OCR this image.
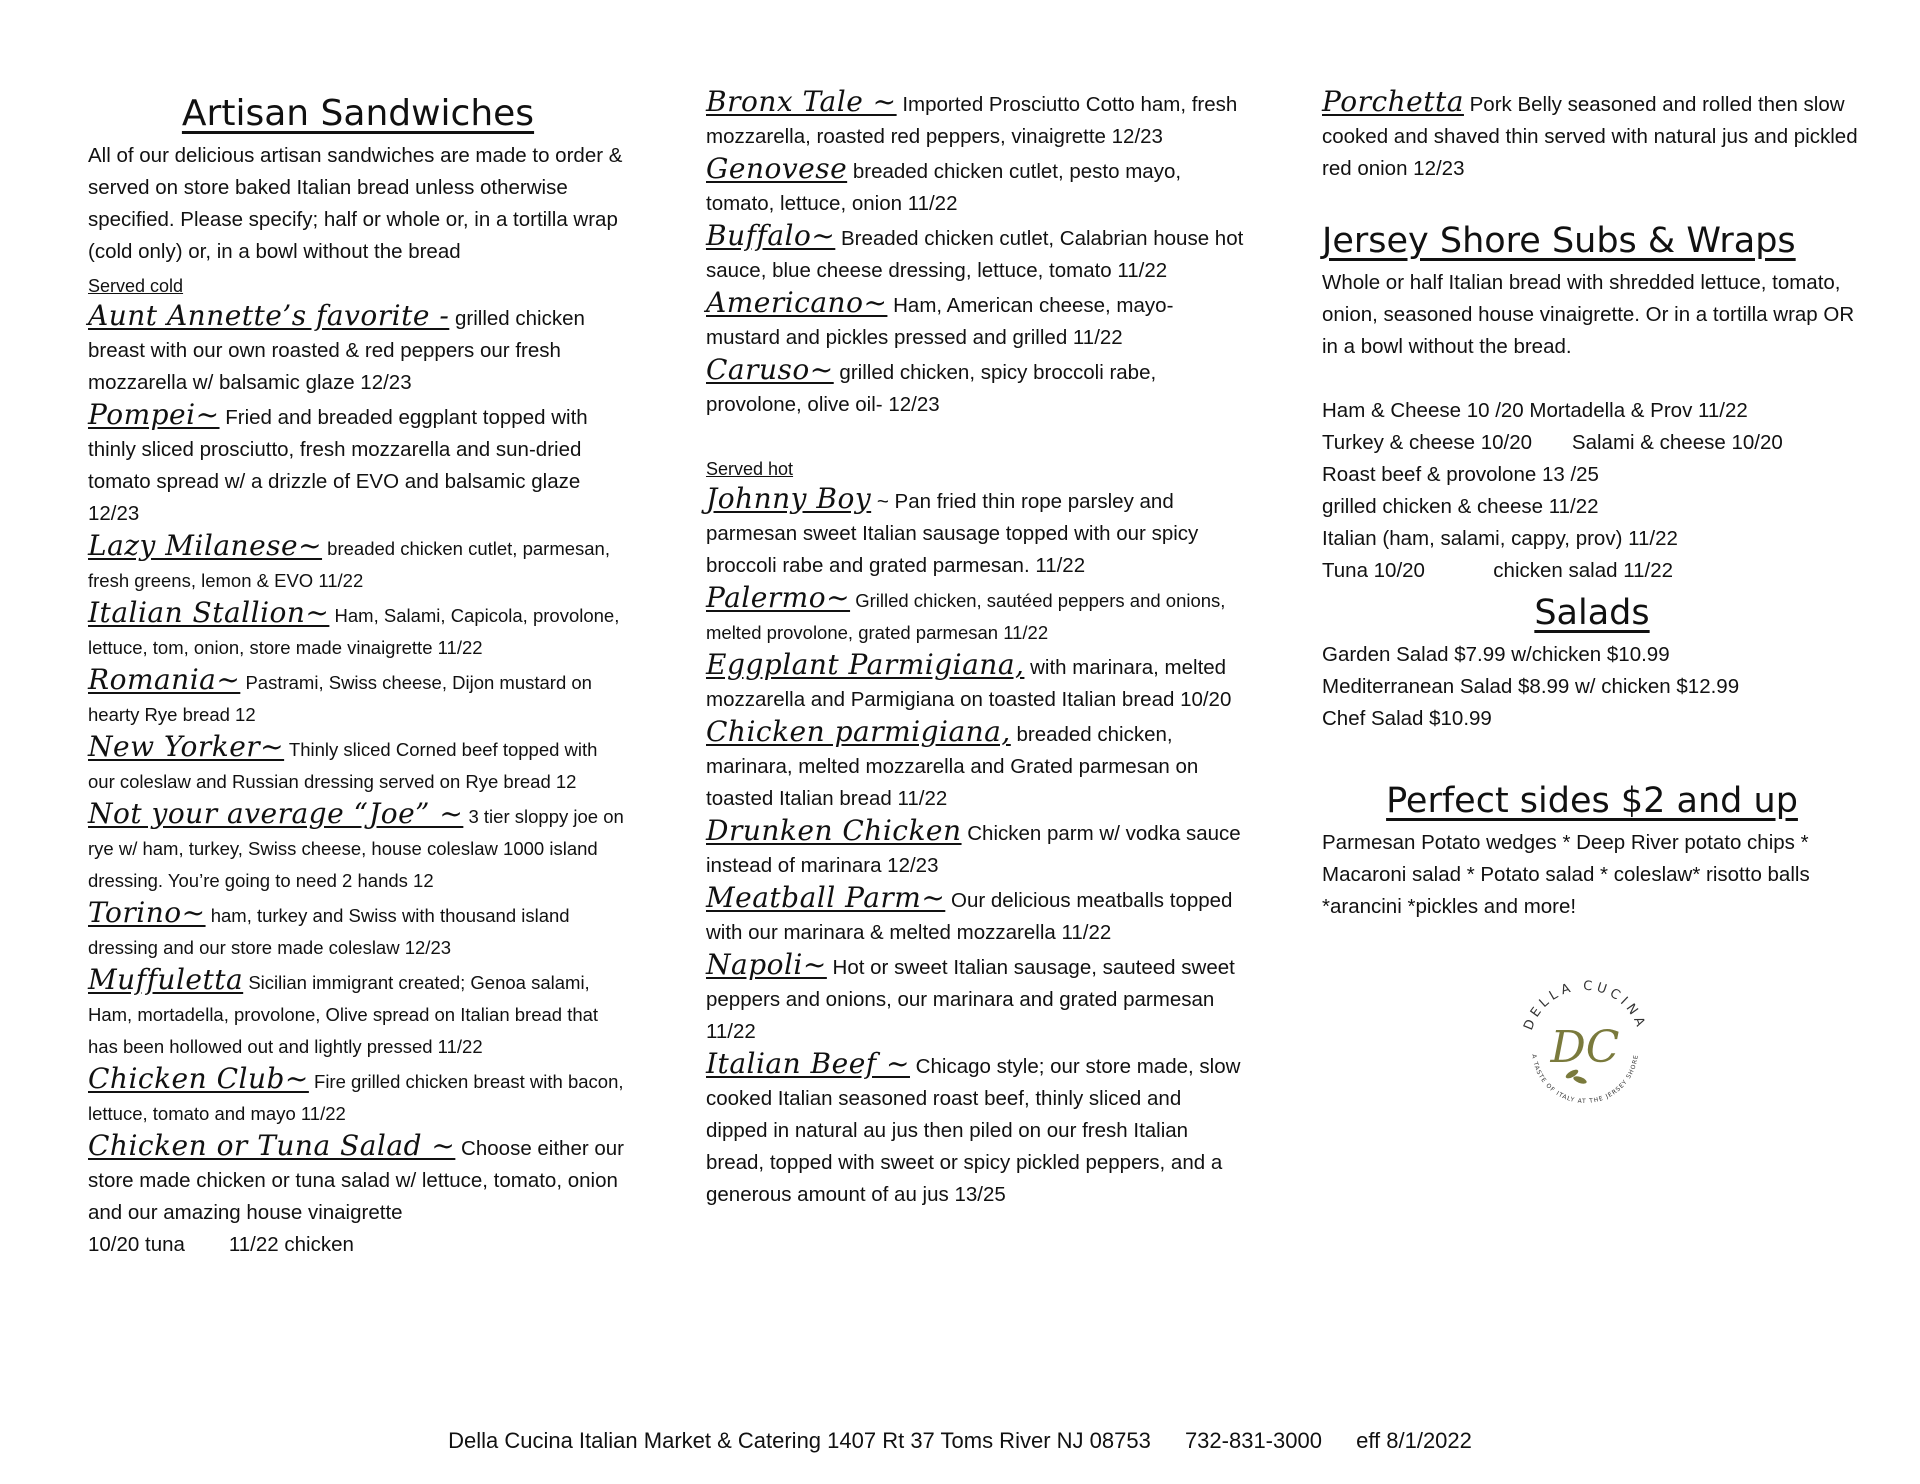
Artisan Sandwiches
All of our delicious artisan sandwiches are made to order & served on store baked Italian bread unless otherwise specified. Please specify; half or whole or, in a tortilla wrap (cold only) or, in a bowl without the bread
Served cold
Aunt Annette’s favorite - grilled chicken breast with our own roasted & red peppers our fresh mozzarella w/ balsamic glaze 12/23
Pompei~ Fried and breaded eggplant topped with thinly sliced prosciutto, fresh mozzarella and sun-dried tomato spread w/ a drizzle of EVO and balsamic glaze 12/23
Lazy Milanese~ breaded chicken cutlet, parmesan, fresh greens, lemon & EVO 11/22
Italian Stallion~ Ham, Salami, Capicola, provolone, lettuce, tom, onion, store made vinaigrette 11/22
Romania~ Pastrami, Swiss cheese, Dijon mustard on hearty Rye bread 12
New Yorker~ Thinly sliced Corned beef topped with our coleslaw and Russian dressing served on Rye bread 12
Not your average “Joe” ~ 3 tier sloppy joe on rye w/ ham, turkey, Swiss cheese, house coleslaw 1000 island dressing. You’re going to need 2 hands 12
Torino~ ham, turkey and Swiss with thousand island dressing and our store made coleslaw 12/23
Muffuletta Sicilian immigrant created; Genoa salami, Ham, mortadella, provolone, Olive spread on Italian bread that has been hollowed out and lightly pressed 11/22
Chicken Club~ Fire grilled chicken breast with bacon, lettuce, tomato and mayo 11/22
Chicken or Tuna Salad ~ Choose either our store made chicken or tuna salad w/ lettuce, tomato, onion and our amazing house vinaigrette
10/20 tuna 11/22 chicken
Bronx Tale ~ Imported Prosciutto Cotto ham, fresh mozzarella, roasted red peppers, vinaigrette 12/23
Genovese breaded chicken cutlet, pesto mayo, tomato, lettuce, onion 11/22
Buffalo~ Breaded chicken cutlet, Calabrian house hot sauce, blue cheese dressing, lettuce, tomato 11/22
Americano~ Ham, American cheese, mayo-mustard and pickles pressed and grilled 11/22
Caruso~ grilled chicken, spicy broccoli rabe, provolone, olive oil- 12/23
Served hot
Johnny Boy ~ Pan fried thin rope parsley and parmesan sweet Italian sausage topped with our spicy broccoli rabe and grated parmesan. 11/22
Palermo~ Grilled chicken, sautéed peppers and onions, melted provolone, grated parmesan 11/22
Eggplant Parmigiana, with marinara, melted mozzarella and Parmigiana on toasted Italian bread 10/20
Chicken parmigiana, breaded chicken, marinara, melted mozzarella and Grated parmesan on toasted Italian bread 11/22
Drunken Chicken Chicken parm w/ vodka sauce instead of marinara 12/23
Meatball Parm~ Our delicious meatballs topped with our marinara & melted mozzarella 11/22
Napoli~ Hot or sweet Italian sausage, sauteed sweet peppers and onions, our marinara and grated parmesan 11/22
Italian Beef ~ Chicago style; our store made, slow cooked Italian seasoned roast beef, thinly sliced and dipped in natural au jus then piled on our fresh Italian bread, topped with sweet or spicy pickled peppers, and a generous amount of au jus 13/25
Porchetta Pork Belly seasoned and rolled then slow cooked and shaved thin served with natural jus and pickled red onion 12/23
Jersey Shore Subs & Wraps
Whole or half Italian bread with shredded lettuce, tomato, onion, seasoned house vinaigrette. Or in a tortilla wrap OR in a bowl without the bread.
Ham & Cheese 10 /20 Mortadella & Prov 11/22
Turkey & cheese 10/20       Salami & cheese 10/20
Roast beef & provolone 13 /25
grilled chicken & cheese 11/22
Italian (ham, salami, cappy, prov) 11/22
Tuna 10/20            chicken salad 11/22
Salads
Garden Salad $7.99 w/chicken $10.99
Mediterranean Salad $8.99 w/ chicken $12.99
Chef Salad $10.99
Perfect sides $2 and up
Parmesan Potato wedges * Deep River potato chips * Macaroni salad * Potato salad * coleslaw* risotto balls *arancini *pickles and more!
DELLA CUCINA
A TASTE OF ITALY AT THE JERSEY SHORE
DC
Della Cucina Italian Market & Catering 1407 Rt 37 Toms River NJ 08753 732-831-3000 eff 8/1/2022
